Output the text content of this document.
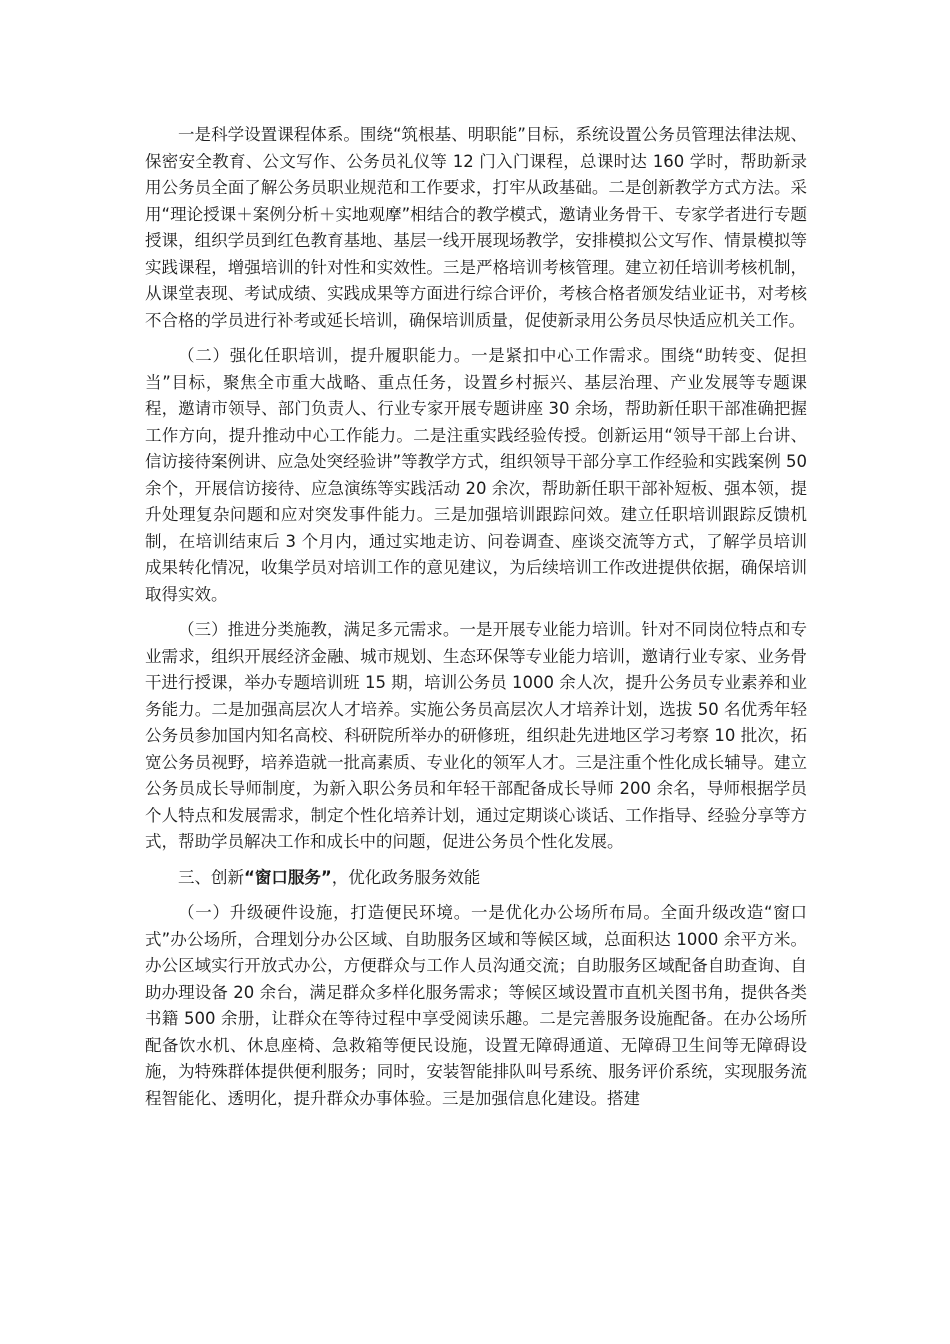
一是科学设置课程体系。围绕“筑根基、明职能”目标，系统设置公务员管理法律法规、保密安全教育、公文写作、公务员礼仪等 12 门入门课程，总课时达 160 学时，帮助新录用公务员全面了解公务员职业规范和工作要求，打牢从政基础。二是创新教学方式方法。采用“理论授课＋案例分析＋实地观摩”相结合的教学模式，邀请业务骨干、专家学者进行专题授课，组织学员到红色教育基地、基层一线开展现场教学，安排模拟公文写作、情景模拟等实践课程，增强培训的针对性和实效性。三是严格培训考核管理。建立初任培训考核机制，从课堂表现、考试成绩、实践成果等方面进行综合评价，考核合格者颁发结业证书，对考核不合格的学员进行补考或延长培训，确保培训质量，促使新录用公务员尽快适应机关工作。

（二）强化任职培训，提升履职能力。一是紧扣中心工作需求。围绕“助转变、促担当”目标，聚焦全市重大战略、重点任务，设置乡村振兴、基层治理、产业发展等专题课程，邀请市领导、部门负责人、行业专家开展专题讲座 30 余场，帮助新任职干部准确把握工作方向，提升推动中心工作能力。二是注重实践经验传授。创新运用“领导干部上台讲、信访接待案例讲、应急处突经验讲”等教学方式，组织领导干部分享工作经验和实践案例 50 余个，开展信访接待、应急演练等实践活动 20 余次，帮助新任职干部补短板、强本领，提升处理复杂问题和应对突发事件能力。三是加强培训跟踪问效。建立任职培训跟踪反馈机制，在培训结束后 3 个月内，通过实地走访、问卷调查、座谈交流等方式，了解学员培训成果转化情况，收集学员对培训工作的意见建议，为后续培训工作改进提供依据，确保培训取得实效。

（三）推进分类施教，满足多元需求。一是开展专业能力培训。针对不同岗位特点和专业需求，组织开展经济金融、城市规划、生态环保等专业能力培训，邀请行业专家、业务骨干进行授课，举办专题培训班 15 期，培训公务员 1000 余人次，提升公务员专业素养和业务能力。二是加强高层次人才培养。实施公务员高层次人才培养计划，选拔 50 名优秀年轻公务员参加国内知名高校、科研院所举办的研修班，组织赴先进地区学习考察 10 批次，拓宽公务员视野，培养造就一批高素质、专业化的领军人才。三是注重个性化成长辅导。建立公务员成长导师制度，为新入职公务员和年轻干部配备成长导师 200 余名，导师根据学员个人特点和发展需求，制定个性化培养计划，通过定期谈心谈话、工作指导、经验分享等方式，帮助学员解决工作和成长中的问题，促进公务员个性化发展。

三、创新“窗口服务”，优化政务服务效能

（一）升级硬件设施，打造便民环境。一是优化办公场所布局。全面升级改造“窗口式”办公场所，合理划分办公区域、自助服务区域和等候区域，总面积达 1000 余平方米。办公区域实行开放式办公，方便群众与工作人员沟通交流；自助服务区域配备自助查询、自助办理设备 20 余台，满足群众多样化服务需求；等候区域设置市直机关图书角，提供各类书籍 500 余册，让群众在等待过程中享受阅读乐趣。二是完善服务设施配备。在办公场所配备饮水机、休息座椅、急救箱等便民设施，设置无障碍通道、无障碍卫生间等无障碍设施，为特殊群体提供便利服务；同时，安装智能排队叫号系统、服务评价系统，实现服务流程智能化、透明化，提升群众办事体验。三是加强信息化建设。搭建
